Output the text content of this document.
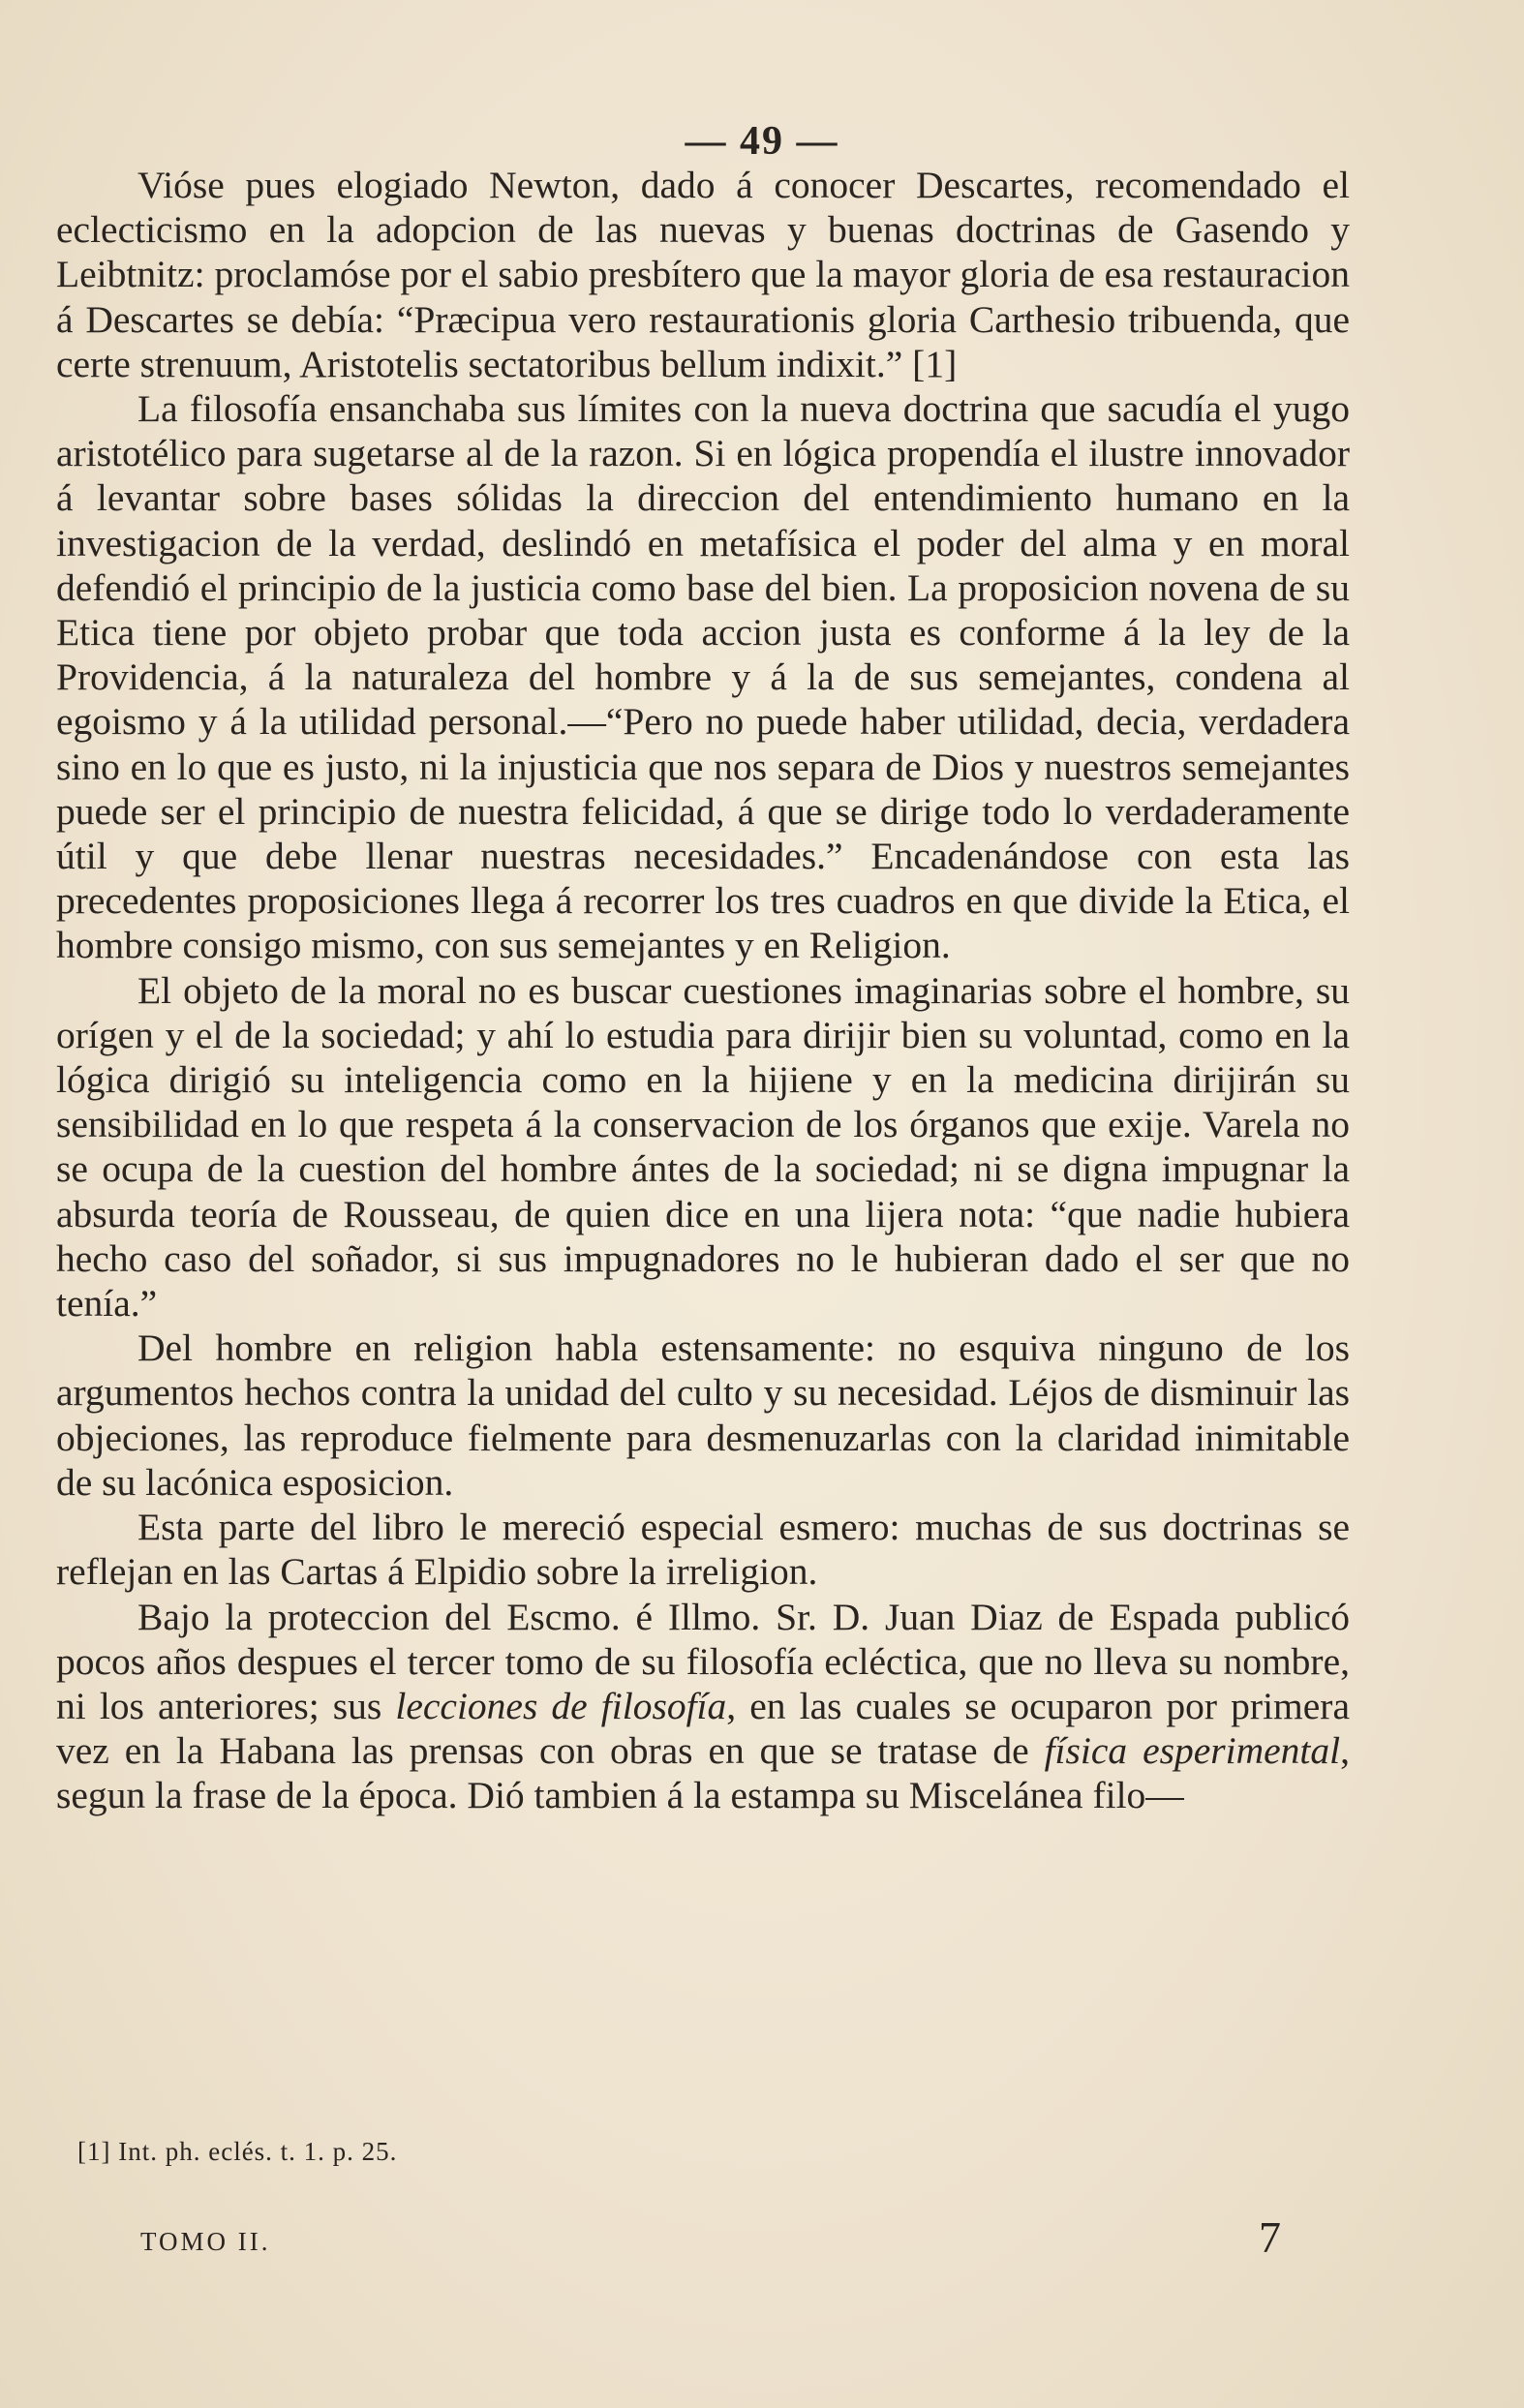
— 49 —

Vióse pues elogiado Newton, dado á conocer Descartes, recomendado el eclecticismo en la adopcion de las nuevas y buenas doctrinas de Gasendo y Leibtnitz: proclamóse por el sabio presbítero que la mayor gloria de esa restauracion á Descartes se debía: “Præcipua vero restaurationis gloria Carthesio tribuenda, que certe strenuum, Aristotelis sectatoribus bellum indixit.” [1]

La filosofía ensanchaba sus límites con la nueva doctrina que sacudía el yugo aristotélico para sugetarse al de la razon. Si en lógica propendía el ilustre innovador á levantar sobre bases sólidas la direccion del entendimiento humano en la investigacion de la verdad, deslindó en metafísica el poder del alma y en moral defendió el principio de la justicia como base del bien. La proposicion novena de su Etica tiene por objeto probar que toda accion justa es conforme á la ley de la Providencia, á la naturaleza del hombre y á la de sus semejantes, condena al egoismo y á la utilidad personal.—“Pero no puede haber utilidad, decia, verdadera sino en lo que es justo, ni la injusticia que nos separa de Dios y nuestros semejantes puede ser el principio de nuestra felicidad, á que se dirige todo lo verdaderamente útil y que debe llenar nuestras necesidades.” Encadenándose con esta las precedentes proposiciones llega á recorrer los tres cuadros en que divide la Etica, el hombre consigo mismo, con sus semejantes y en Religion.

El objeto de la moral no es buscar cuestiones imaginarias sobre el hombre, su orígen y el de la sociedad; y ahí lo estudia para dirijir bien su voluntad, como en la lógica dirigió su inteligencia como en la hijiene y en la medicina dirijirán su sensibilidad en lo que respeta á la conservacion de los órganos que exije. Varela no se ocupa de la cuestion del hombre ántes de la sociedad; ni se digna impugnar la absurda teoría de Rousseau, de quien dice en una lijera nota: “que nadie hubiera hecho caso del soñador, si sus impugnadores no le hubieran dado el ser que no tenía.”

Del hombre en religion habla estensamente: no esquiva ninguno de los argumentos hechos contra la unidad del culto y su necesidad. Léjos de disminuir las objeciones, las reproduce fielmente para desmenuzarlas con la claridad inimitable de su lacónica esposicion.

Esta parte del libro le mereció especial esmero: muchas de sus doctrinas se reflejan en las Cartas á Elpidio sobre la irreligion.

Bajo la proteccion del Escmo. é Illmo. Sr. D. Juan Diaz de Espada publicó pocos años despues el tercer tomo de su filosofía ecléctica, que no lleva su nombre, ni los anteriores; sus lecciones de filosofía, en las cuales se ocuparon por primera vez en la Habana las prensas con obras en que se tratase de física esperimental, segun la frase de la época. Dió tambien á la estampa su Miscelánea filo—

[1] Int. ph. eclés. t. 1. p. 25.
TOMO II.	7
